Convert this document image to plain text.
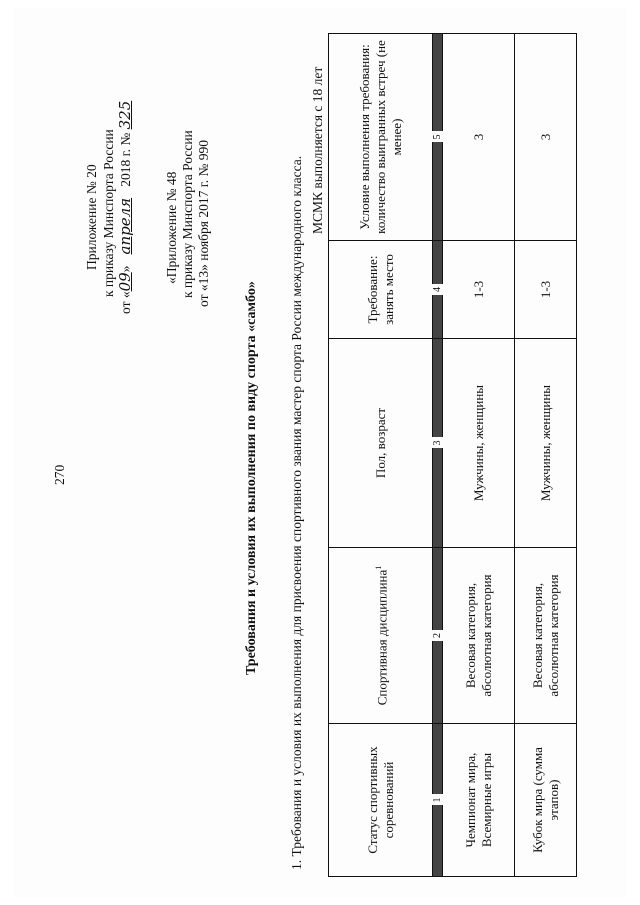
270
Приложение № 20 к приказу Минспорта России
от «09» апреля 2018 г. № 325
«Приложение № 48 к приказу Минспорта России от «13» ноября 2017 г. № 990
Требования и условия их выполнения по виду спорта «самбо» 1. Требования и условия их выполнения для присвоения спортивного звания мастер спорта России международного класса.
МСМК выполняется с 18 лет
Статус спортивных соревнований	Спортивная дисциплина$^1$	Пол, возраст	Требование: занять место	Условие выполнения требования: количество выигранных встреч (не менее)
1	2	3	4	5
Чемпионат мира, Всемирные игры	Весовая категория, абсолютная категория	Мужчины, женщины	1-3	3
Кубок мира (сумма этапов)	Весовая категория, абсолютная категория	Мужчины, женщины	1-3	3
